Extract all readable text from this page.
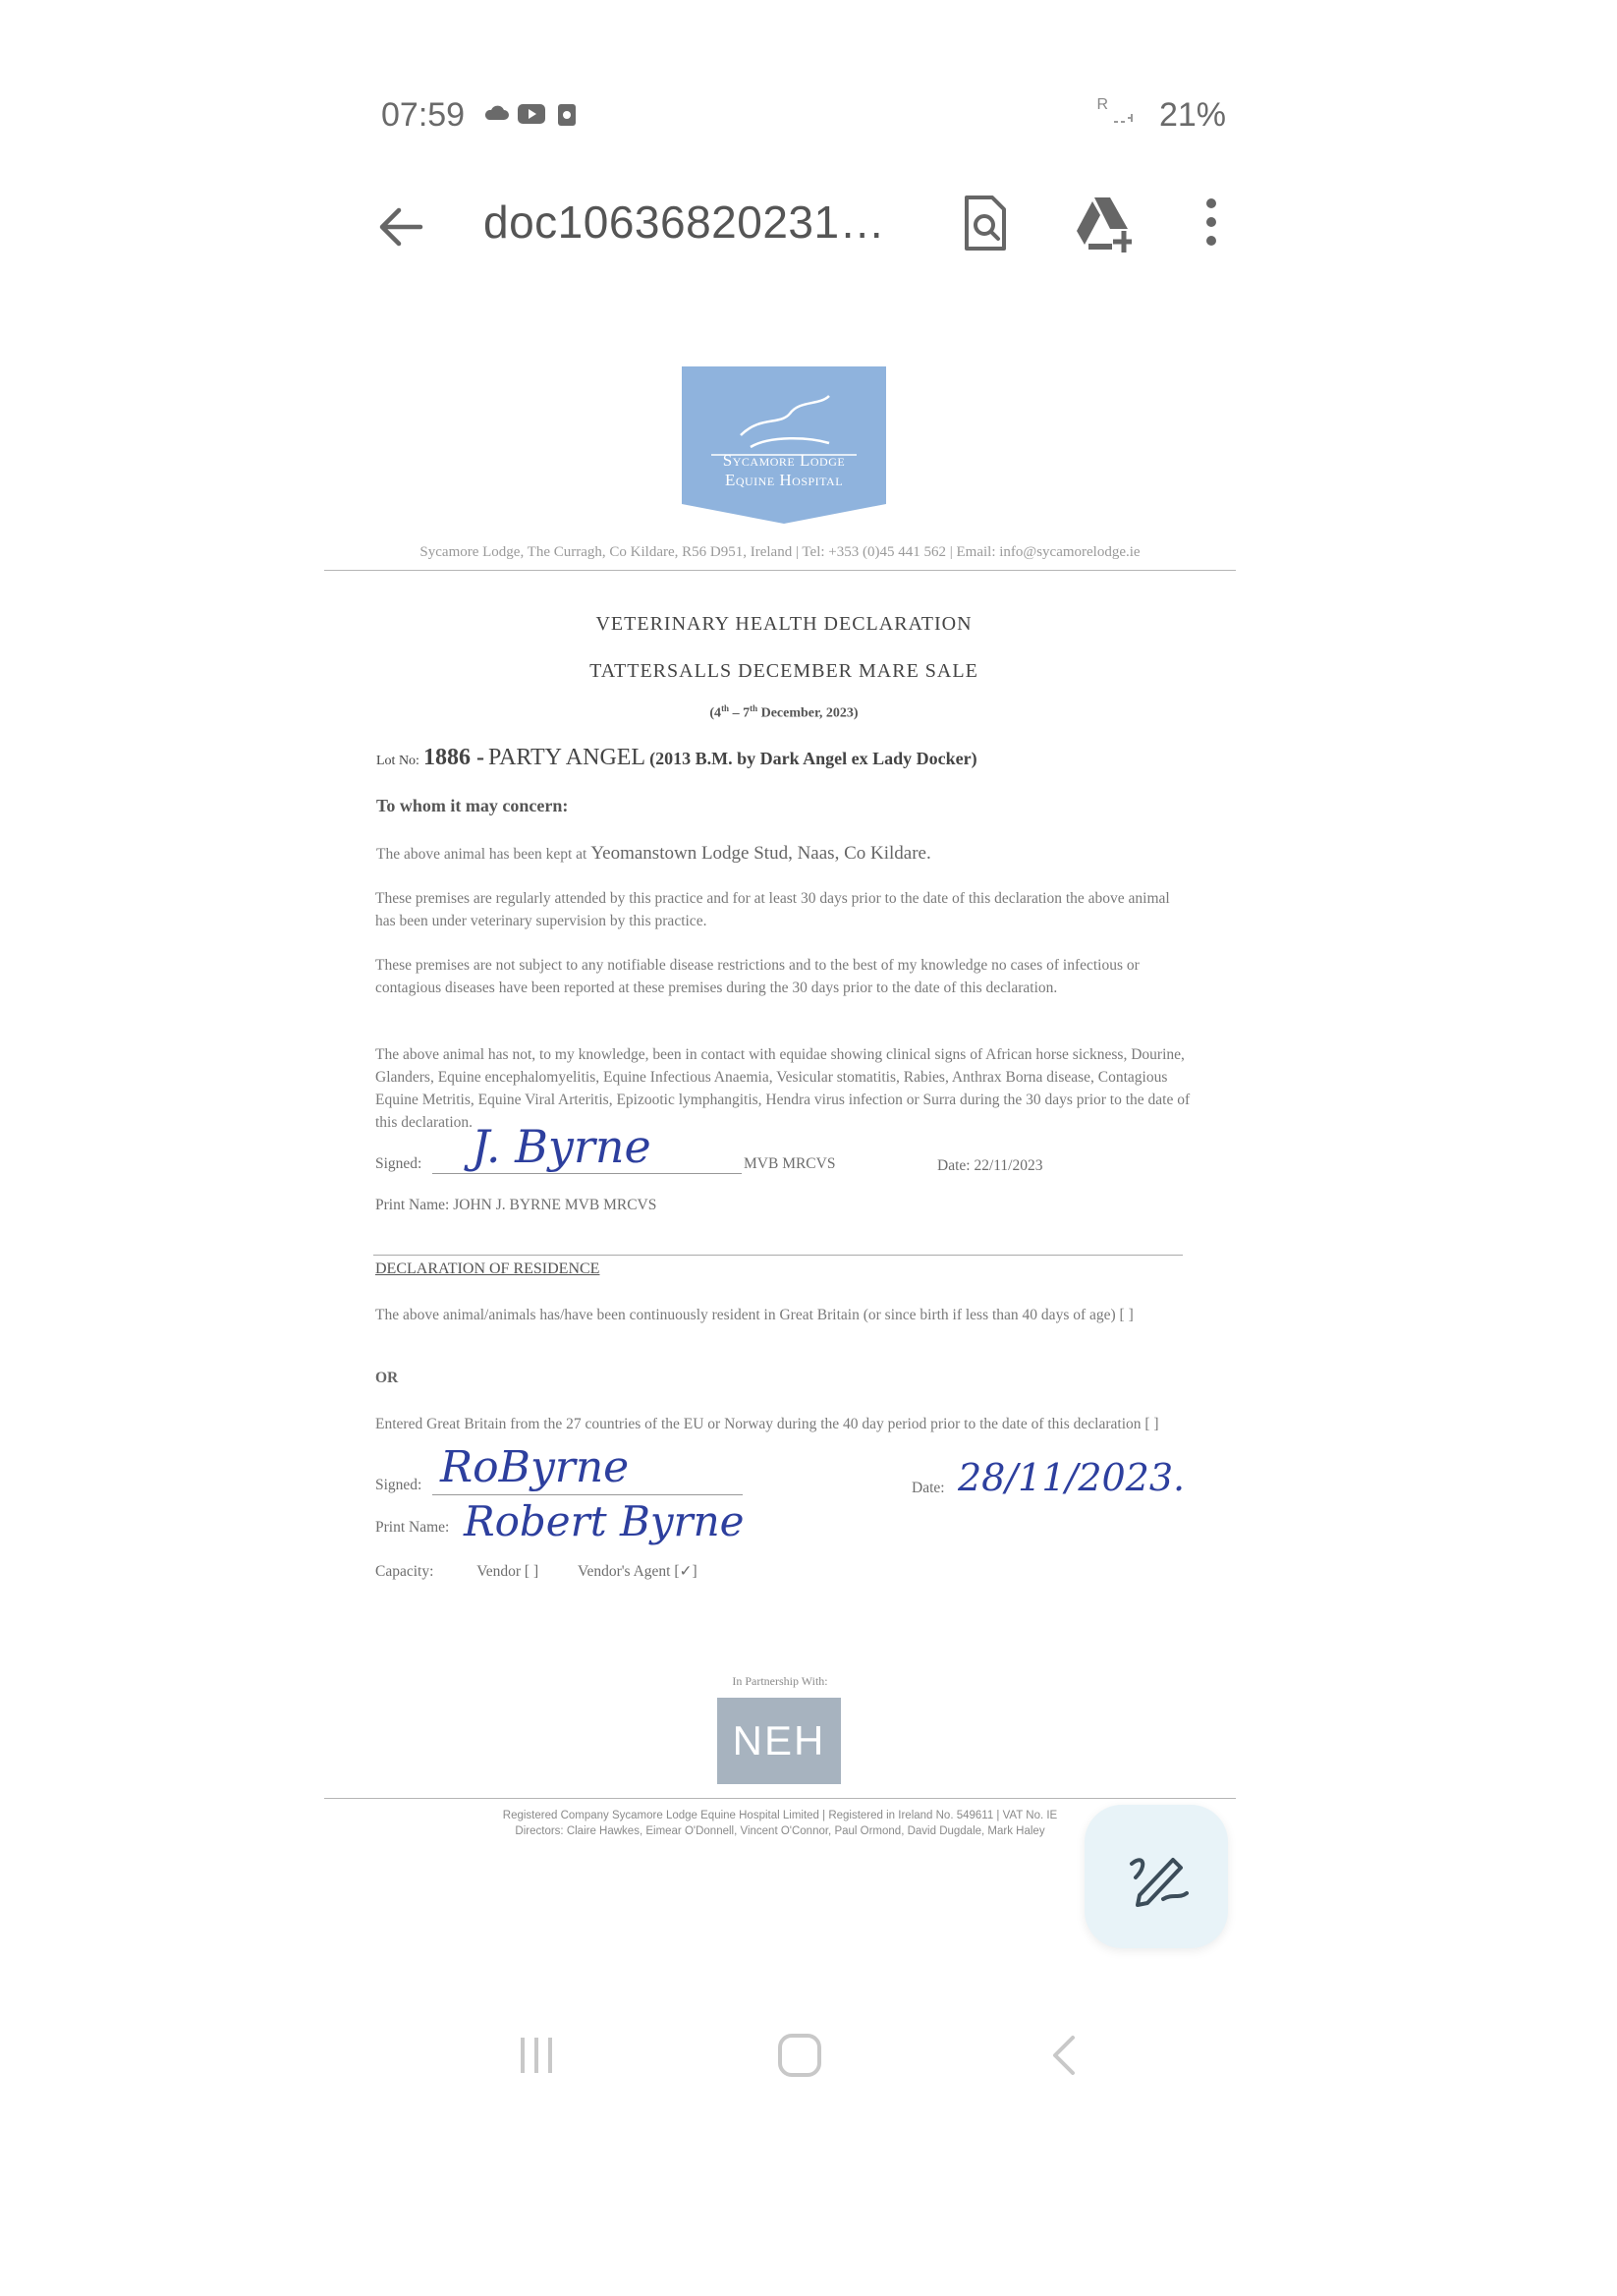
07:59	R 21%
doc10636820231…
Sycamore Lodge
Equine Hospital
Sycamore Lodge, The Curragh, Co Kildare, R56 D951, Ireland | Tel: +353 (0)45 441 562 | Email: info@sycamorelodge.ie
VETERINARY HEALTH DECLARATION
TATTERSALLS DECEMBER MARE SALE
(4th – 7th December, 2023)
Lot No: 1886 - PARTY ANGEL (2013 B.M. by Dark Angel ex Lady Docker)
To whom it may concern:
The above animal has been kept at Yeomanstown Lodge Stud, Naas, Co Kildare.
These premises are regularly attended by this practice and for at least 30 days prior to the date of this declaration the above animal has been under veterinary supervision by this practice.
These premises are not subject to any notifiable disease restrictions and to the best of my knowledge no cases of infectious or contagious diseases have been reported at these premises during the 30 days prior to the date of this declaration.
The above animal has not, to my knowledge, been in contact with equidae showing clinical signs of African horse sickness, Dourine, Glanders, Equine encephalomyelitis, Equine Infectious Anaemia, Vesicular stomatitis, Rabies, Anthrax Borna disease, Contagious Equine Metritis, Equine Viral Arteritis, Epizootic lymphangitis, Hendra virus infection or Surra during the 30 days prior to the date of this declaration.
Signed: J. Byrne	MVB MRCVS	Date: 22/11/2023
Print Name: JOHN J. BYRNE MVB MRCVS
DECLARATION OF RESIDENCE
The above animal/animals has/have been continuously resident in Great Britain (or since birth if less than 40 days of age) [ ]
OR
Entered Great Britain from the 27 countries of the EU or Norway during the 40 day period prior to the date of this declaration [ ]
Signed: RoByrne	Date: 28/11/2023.
Print Name: Robert Byrne
Capacity:	Vendor [ ]	Vendor's Agent [✓]
In Partnership With:
NEH
Registered Company Sycamore Lodge Equine Hospital Limited | Registered in Ireland No. 549611 | VAT No. IE
Directors: Claire Hawkes, Eimear O'Donnell, Vincent O'Connor, Paul Ormond, David Dugdale, Mark Haley
